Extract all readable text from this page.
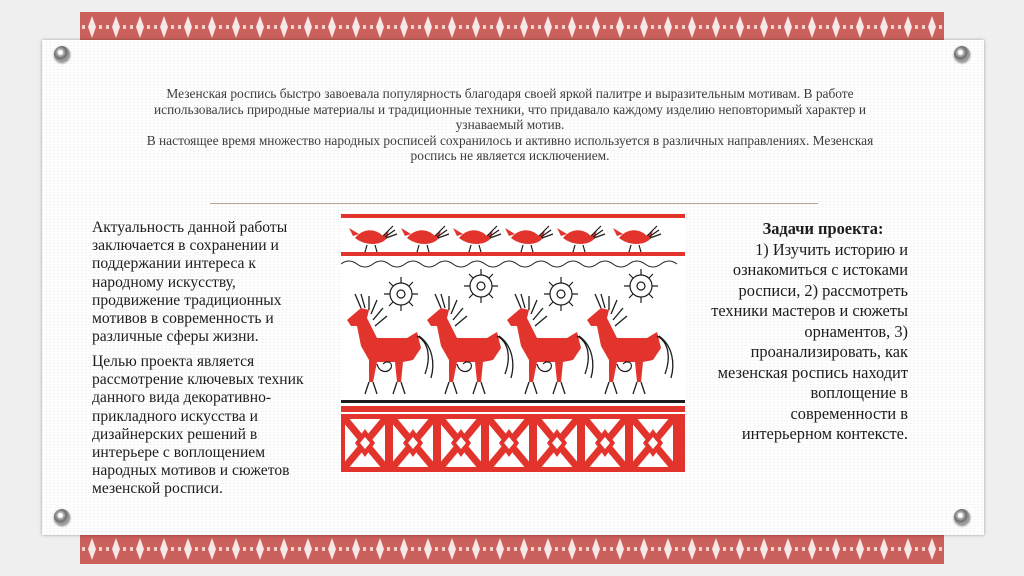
Мезенская роспись быстро завоевала популярность благодаря своей яркой палитре и выразительным мотивам. В работе использовались природные материалы и традиционные техники, что придавало каждому изделию неповторимый характер и узнаваемый мотив.

В настоящее время множество народных росписей сохранилось и активно используется в различных направлениях. Мезенская роспись не является исключением.

Актуальность данной работы заключается в сохранении и поддержании интереса к народному искусству, продвижение традиционных мотивов в современность и различные сферы жизни.

Целью проекта является рассмотрение ключевых техник данного вида декоративно-прикладного искусства и дизайнерских решений в интерьере с воплощением народных мотивов и сюжетов мезенской росписи.

Задачи проекта:

1) Изучить историю и ознакомиться с истоками росписи, 2) рассмотреть техники мастеров и сюжеты орнаментов, 3) проанализировать, как мезенская роспись находит воплощение в современности в интерьерном контексте.
